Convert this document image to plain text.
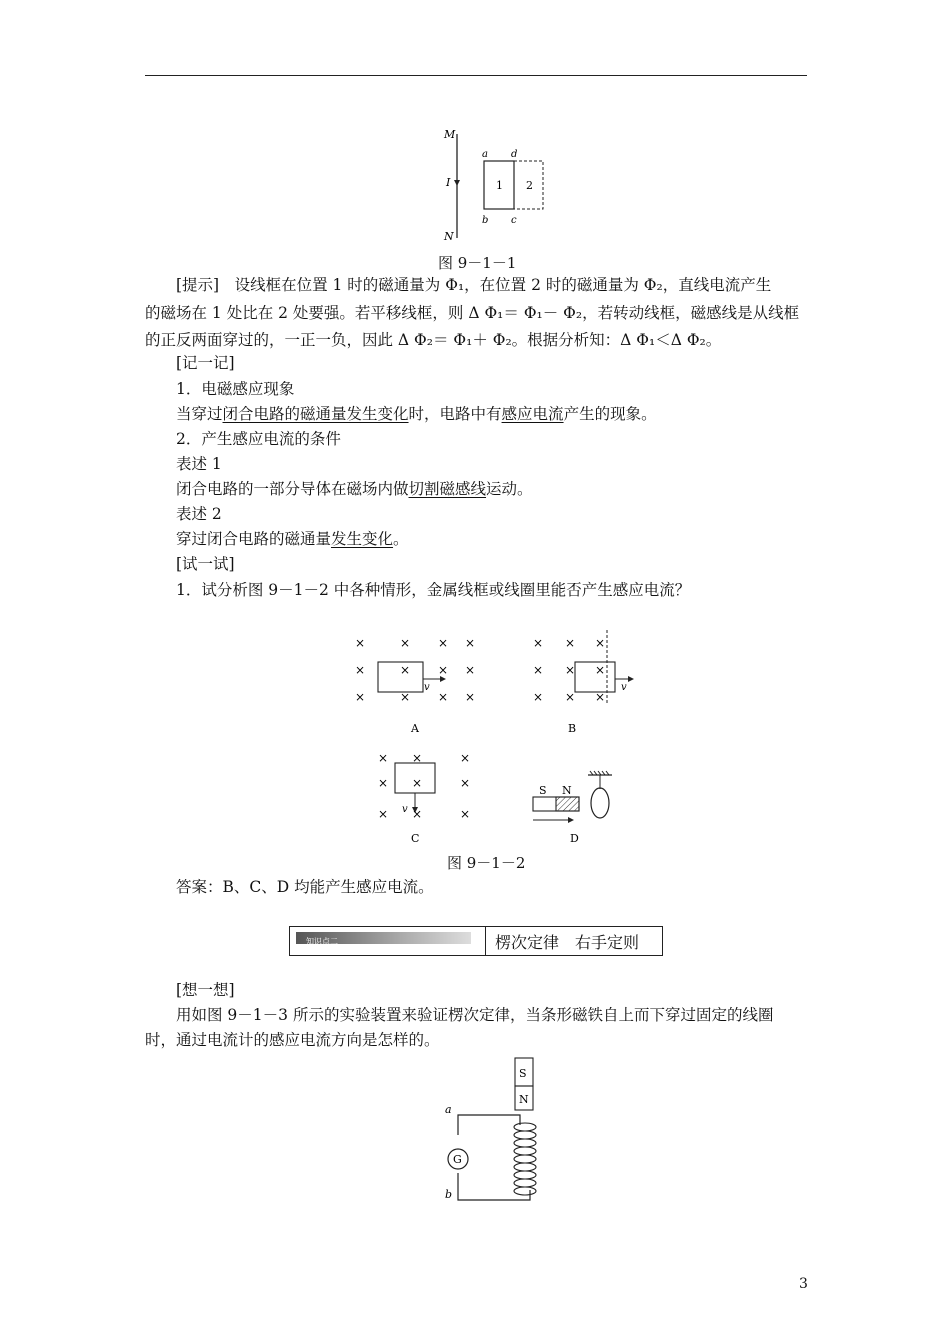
M
I
N
a d
b c
1 2
图 9－1－1
[提示]　设线框在位置 1 时的磁通量为 Φ₁，在位置 2 时的磁通量为 Φ₂，直线电流产生
的磁场在 1 处比在 2 处要强。若平移线框，则 Δ Φ₁＝ Φ₁－ Φ₂，若转动线框，磁感线是从线框
的正反两面穿过的，一正一负，因此 Δ Φ₂＝ Φ₁＋ Φ₂。根据分析知：Δ Φ₁＜Δ Φ₂。
[记一记]
1．电磁感应现象
当穿过闭合电路的磁通量发生变化时，电路中有感应电流产生的现象。
2．产生感应电流的条件
表述 1
闭合电路的一部分导体在磁场内做切割磁感线运动。
表述 2
穿过闭合电路的磁通量发生变化。
[试一试]
1．试分析图 9－1－2 中各种情形，金属线框或线圈里能否产生感应电流？
v
A
v
B
v
C
S N
D
×	× × ×
×	× × ×
×	× × ×
× × ×
× × ×
× × ×
× ×	×
× ×	×
× ×	×
图 9－1－2
答案：B、C、D 均能产生感应电流。
知识点二	楞次定律　右手定则
[想一想]
用如图 9－1－3 所示的实验装置来验证楞次定律，当条形磁铁自上而下穿过固定的线圈
时，通过电流计的感应电流方向是怎样的。
S
N
G
a
b
3
